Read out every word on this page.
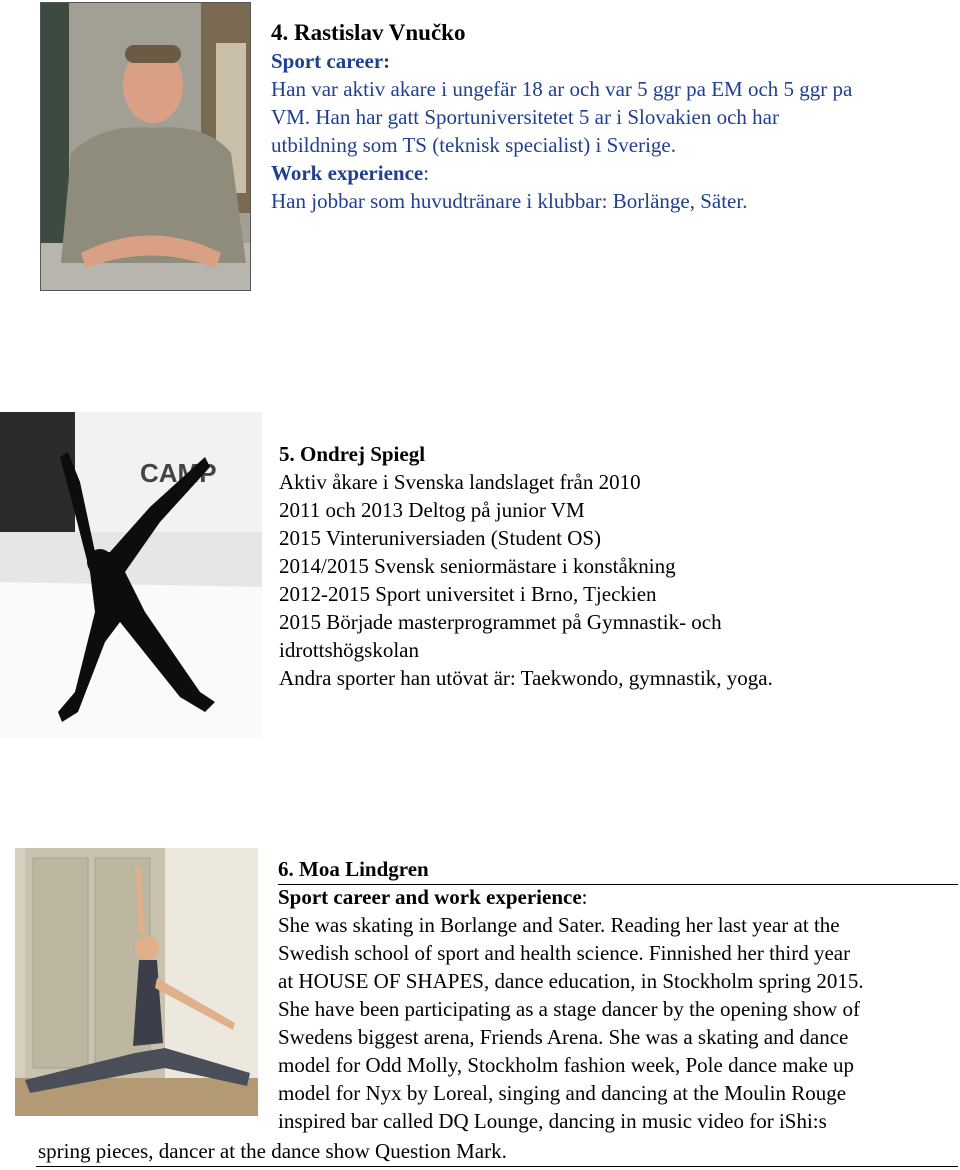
4. Rastislav Vnučko
Sport career:
Han var aktiv akare i ungefär 18 ar och var 5 ggr pa EM och 5 ggr pa
VM. Han har gatt Sportuniversitetet 5 ar i Slovakien och har
utbildning som TS (teknisk specialist) i Sverige.
Work experience:
Han jobbar som huvudtränare i klubbar: Borlänge, Säter.
CAMP
5. Ondrej Spiegl
Aktiv åkare i Svenska landslaget från 2010
2011 och 2013 Deltog på junior VM
2015 Vinteruniversiaden (Student OS)
2014/2015 Svensk seniormästare i konståkning
2012-2015 Sport universitet i Brno, Tjeckien
2015 Började masterprogrammet på Gymnastik- och
idrottshögskolan
Andra sporter han utövat är: Taekwondo, gymnastik, yoga.
6. Moa Lindgren
Sport career and work experience:
She was skating in Borlange and Sater. Reading her last year at the
Swedish school of sport and health science. Finnished her third year
at HOUSE OF SHAPES, dance education, in Stockholm spring 2015.
She have been participating as a stage dancer by the opening show of
Swedens biggest arena, Friends Arena. She was a skating and dance
model for Odd Molly, Stockholm fashion week, Pole dance make up
model for Nyx by Loreal, singing and dancing at the Moulin Rouge
inspired bar called DQ Lounge, dancing in music video for iShi:s
spring pieces, dancer at the dance show Question Mark.
